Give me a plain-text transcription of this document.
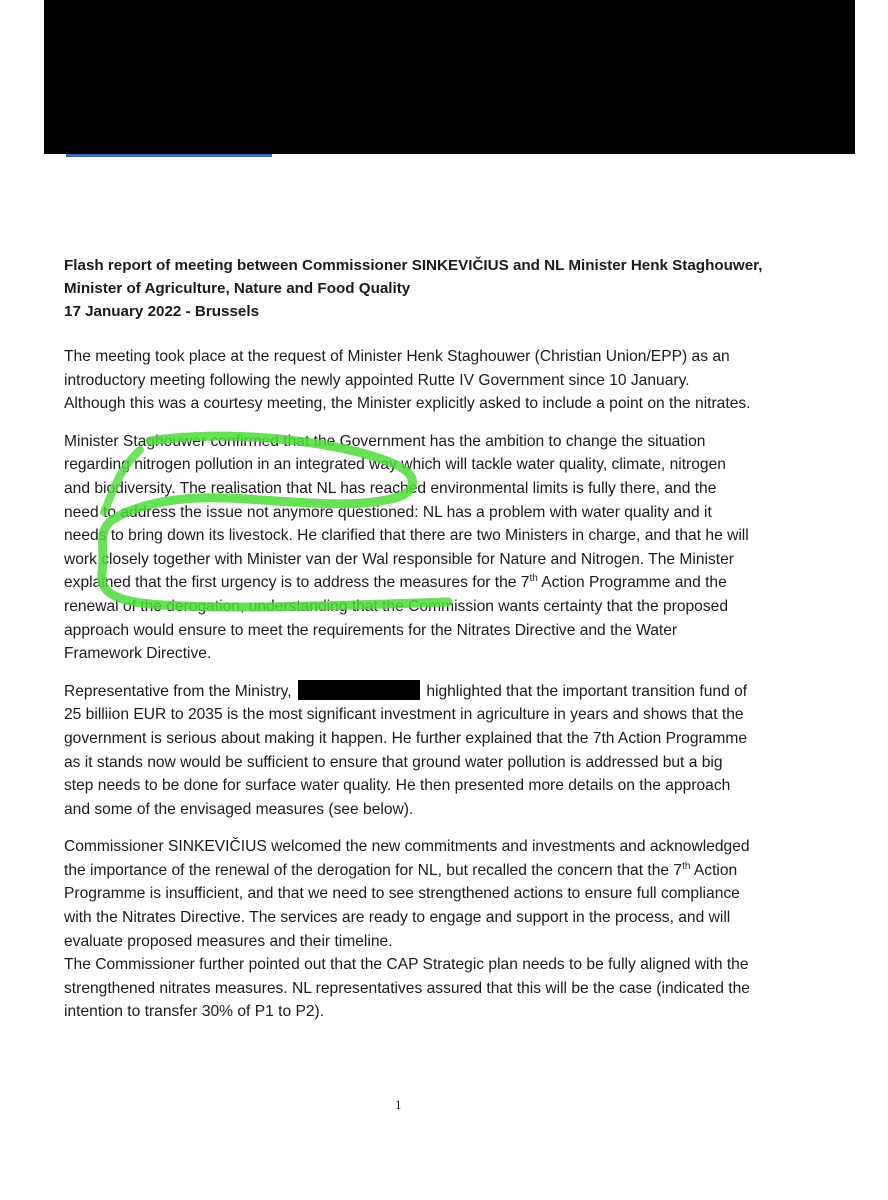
Flash report of meeting between Commissioner SINKEVIČIUS and NL Minister Henk Staghouwer,

Minister of Agriculture, Nature and Food Quality

17 January 2022 - Brussels

The meeting took place at the request of Minister Henk Staghouwer (Christian Union/EPP) as an

introductory meeting following the newly appointed Rutte IV Government since 10 January.

Although this was a courtesy meeting, the Minister explicitly asked to include a point on the nitrates.

Minister Staghouwer confirmed that the Government has the ambition to change the situation

regarding nitrogen pollution in an integrated way which will tackle water quality, climate, nitrogen

and biodiversity. The realisation that NL has reached environmental limits is fully there, and the

need to address the issue not anymore questioned: NL has a problem with water quality and it

needs to bring down its livestock. He clarified that there are two Ministers in charge, and that he will

work closely together with Minister van der Wal responsible for Nature and Nitrogen. The Minister

explained that the first urgency is to address the measures for the 7th Action Programme and the

renewal of the derogation, understanding that the Commission wants certainty that the proposed

approach would ensure to meet the requirements for the Nitrates Directive and the Water

Framework Directive.

Representative from the Ministry,	highlighted that the important transition fund of

25 billiion EUR to 2035 is the most significant investment in agriculture in years and shows that the

government is serious about making it happen. He further explained that the 7th Action Programme

as it stands now would be sufficient to ensure that ground water pollution is addressed but a big

step needs to be done for surface water quality. He then presented more details on the approach

and some of the envisaged measures (see below).

Commissioner SINKEVIČIUS welcomed the new commitments and investments and acknowledged

the importance of the renewal of the derogation for NL, but recalled the concern that the 7th Action

Programme is insufficient, and that we need to see strengthened actions to ensure full compliance

with the Nitrates Directive. The services are ready to engage and support in the process, and will

evaluate proposed measures and their timeline.

The Commissioner further pointed out that the CAP Strategic plan needs to be fully aligned with the

strengthened nitrates measures. NL representatives assured that this will be the case (indicated the

intention to transfer 30% of P1 to P2).

1
